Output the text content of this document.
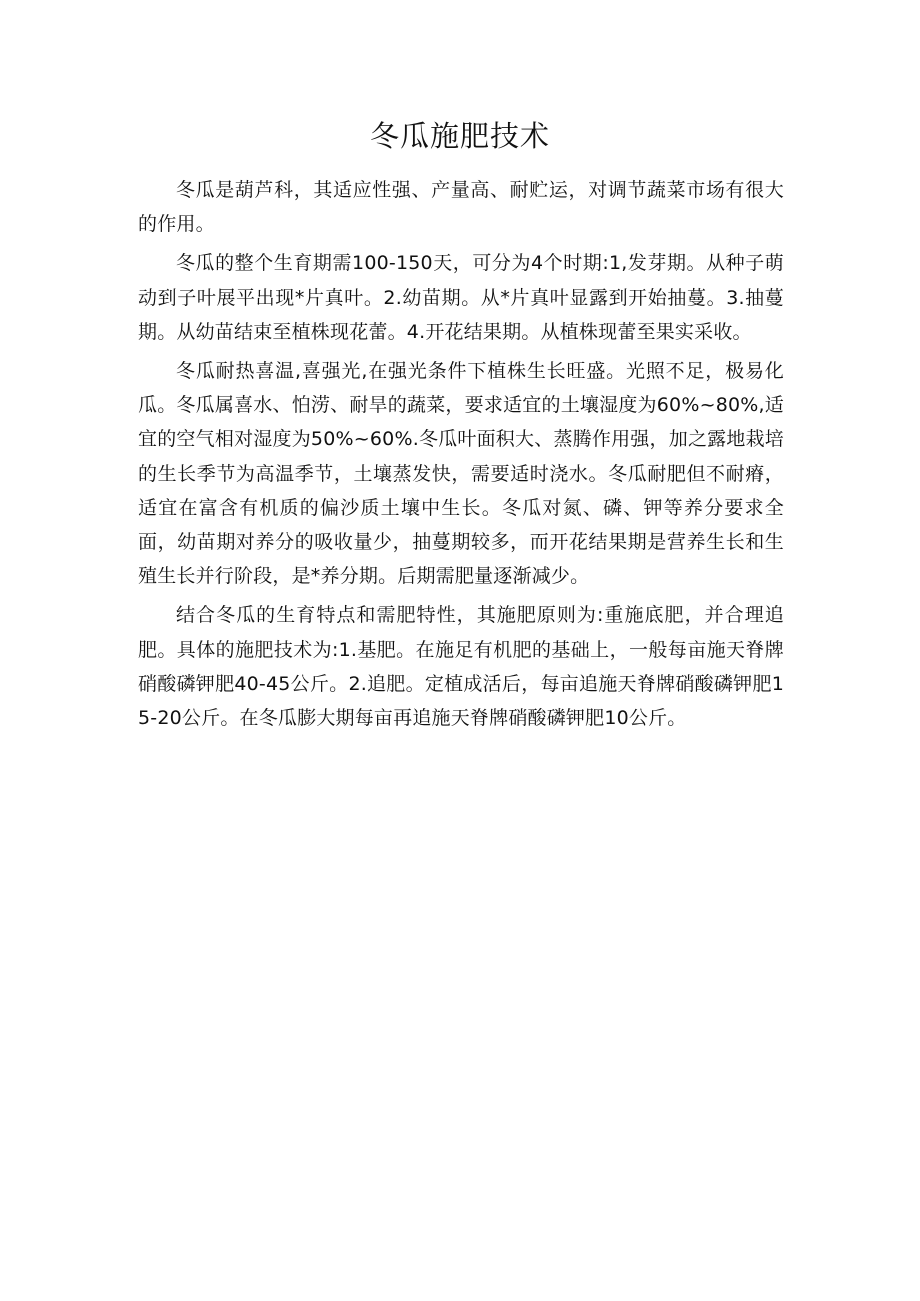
冬瓜施肥技术

冬瓜是葫芦科，其适应性强、产量高、耐贮运，对调节蔬菜市场有很大的作用。

冬瓜的整个生育期需100-150天，可分为4个时期:1,发芽期。从种子萌动到子叶展平出现*片真叶。2.幼苗期。从*片真叶显露到开始抽蔓。3.抽蔓期。从幼苗结束至植株现花蕾。4.开花结果期。从植株现蕾至果实采收。

冬瓜耐热喜温,喜强光,在强光条件下植株生长旺盛。光照不足，极易化瓜。冬瓜属喜水、怕涝、耐旱的蔬菜，要求适宜的土壤湿度为60%~80%,适宜的空气相对湿度为50%~60%.冬瓜叶面积大、蒸腾作用强，加之露地栽培的生长季节为高温季节，土壤蒸发快，需要适时浇水。冬瓜耐肥但不耐瘠，适宜在富含有机质的偏沙质土壤中生长。冬瓜对氮、磷、钾等养分要求全面，幼苗期对养分的吸收量少，抽蔓期较多，而开花结果期是营养生长和生殖生长并行阶段，是*养分期。后期需肥量逐渐减少。

结合冬瓜的生育特点和需肥特性，其施肥原则为:重施底肥，并合理追肥。具体的施肥技术为:1.基肥。在施足有机肥的基础上，一般每亩施天脊牌硝酸磷钾肥40-45公斤。2.追肥。定植成活后，每亩追施天脊牌硝酸磷钾肥15-20公斤。在冬瓜膨大期每亩再追施天脊牌硝酸磷钾肥10公斤。
